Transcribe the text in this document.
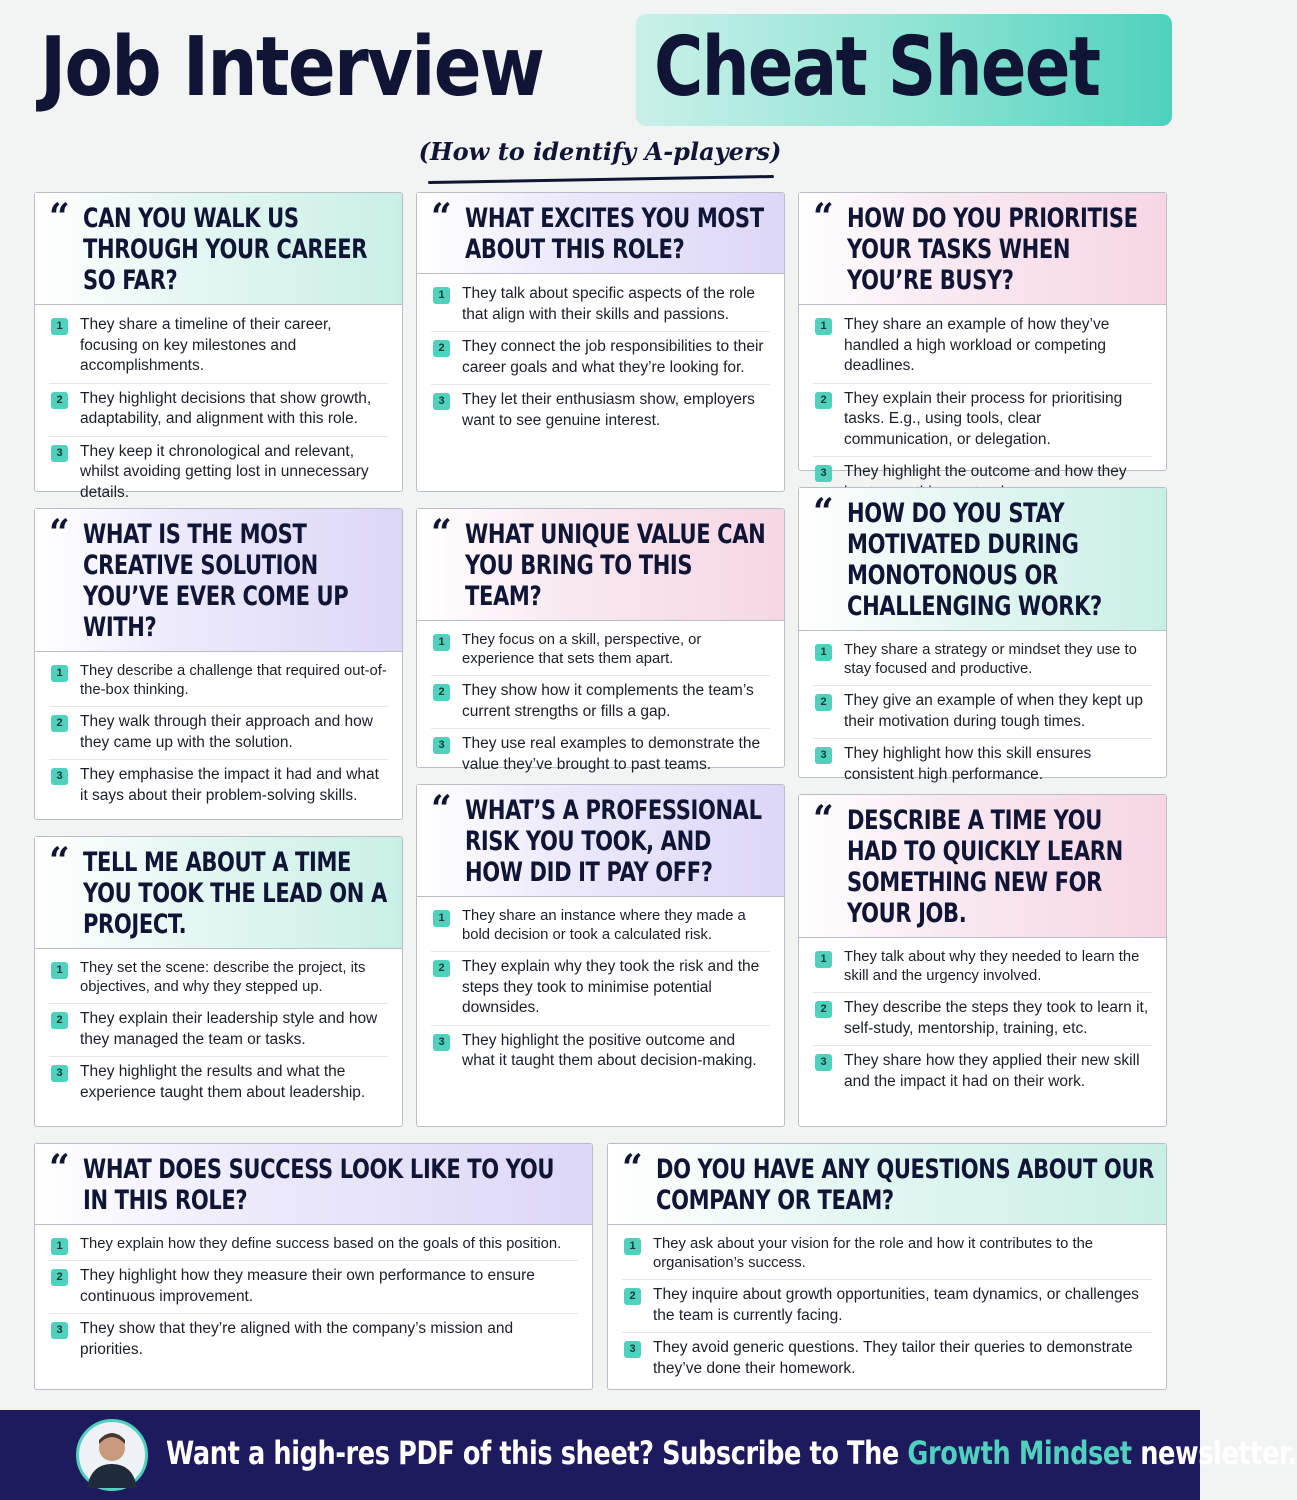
Job Interview Cheat Sheet
(How to identify A-players)
“ CAN YOU WALK US THROUGH YOUR CAREER SO FAR?
1	They share a timeline of their career, focusing on key milestones and accomplishments.
2	They highlight decisions that show growth, adaptability, and alignment with this role.
3	They keep it chronological and relevant, whilst avoiding getting lost in unnecessary details.
“ WHAT EXCITES YOU MOST ABOUT THIS ROLE?
1	They talk about specific aspects of the role that align with their skills and passions.
2	They connect the job responsibilities to their career goals and what they’re looking for.
3	They let their enthusiasm show, employers want to see genuine interest.
“ HOW DO YOU PRIORITISE YOUR TASKS WHEN YOU’RE BUSY?
1	They share an example of how they’ve handled a high workload or competing deadlines.
2	They explain their process for prioritising tasks. E.g., using tools, clear communication, or delegation.
3	They highlight the outcome and how they
“ WHAT IS THE MOST CREATIVE SOLUTION YOU’VE EVER COME UP WITH?
1	They describe a challenge that required out-of-the-box thinking.
2	They walk through their approach and how they came up with the solution.
3	They emphasise the impact it had and what it says about their problem-solving skills.
“ WHAT UNIQUE VALUE CAN YOU BRING TO THIS TEAM?
1	They focus on a skill, perspective, or experience that sets them apart.
2	They show how it complements the team’s current strengths or fills a gap.
3	They use real examples to demonstrate the value they’ve brought to past teams.
“ HOW DO YOU STAY MOTIVATED DURING MONOTONOUS OR CHALLENGING WORK?
1	They share a strategy or mindset they use to stay focused and productive.
2	They give an example of when they kept up their motivation during tough times.
3	They highlight how this skill ensures consistent high performance.
“ TELL ME ABOUT A TIME YOU TOOK THE LEAD ON A PROJECT.
1	They set the scene: describe the project, its objectives, and why they stepped up.
2	They explain their leadership style and how they managed the team or tasks.
3	They highlight the results and what the experience taught them about leadership.
“ WHAT’S A PROFESSIONAL RISK YOU TOOK, AND HOW DID IT PAY OFF?
1	They share an instance where they made a bold decision or took a calculated risk.
2	They explain why they took the risk and the steps they took to minimise potential downsides.
3	They highlight the positive outcome and what it taught them about decision-making.
“ DESCRIBE A TIME YOU HAD TO QUICKLY LEARN SOMETHING NEW FOR YOUR JOB.
1	They talk about why they needed to learn the skill and the urgency involved.
2	They describe the steps they took to learn it, self-study, mentorship, training, etc.
3	They share how they applied their new skill and the impact it had on their work.
“ WHAT DOES SUCCESS LOOK LIKE TO YOU IN THIS ROLE?
1	They explain how they define success based on the goals of this position.
2	They highlight how they measure their own performance to ensure continuous improvement.
3	They show that they’re aligned with the company’s mission and priorities.
“ DO YOU HAVE ANY QUESTIONS ABOUT OUR COMPANY OR TEAM?
1	They ask about your vision for the role and how it contributes to the organisation’s success.
2	They inquire about growth opportunities, team dynamics, or challenges the team is currently facing.
3	They avoid generic questions. They tailor their queries to demonstrate they’ve done their homework.
Want a high-res PDF of this sheet? Subscribe to The Growth Mindset newsletter.
